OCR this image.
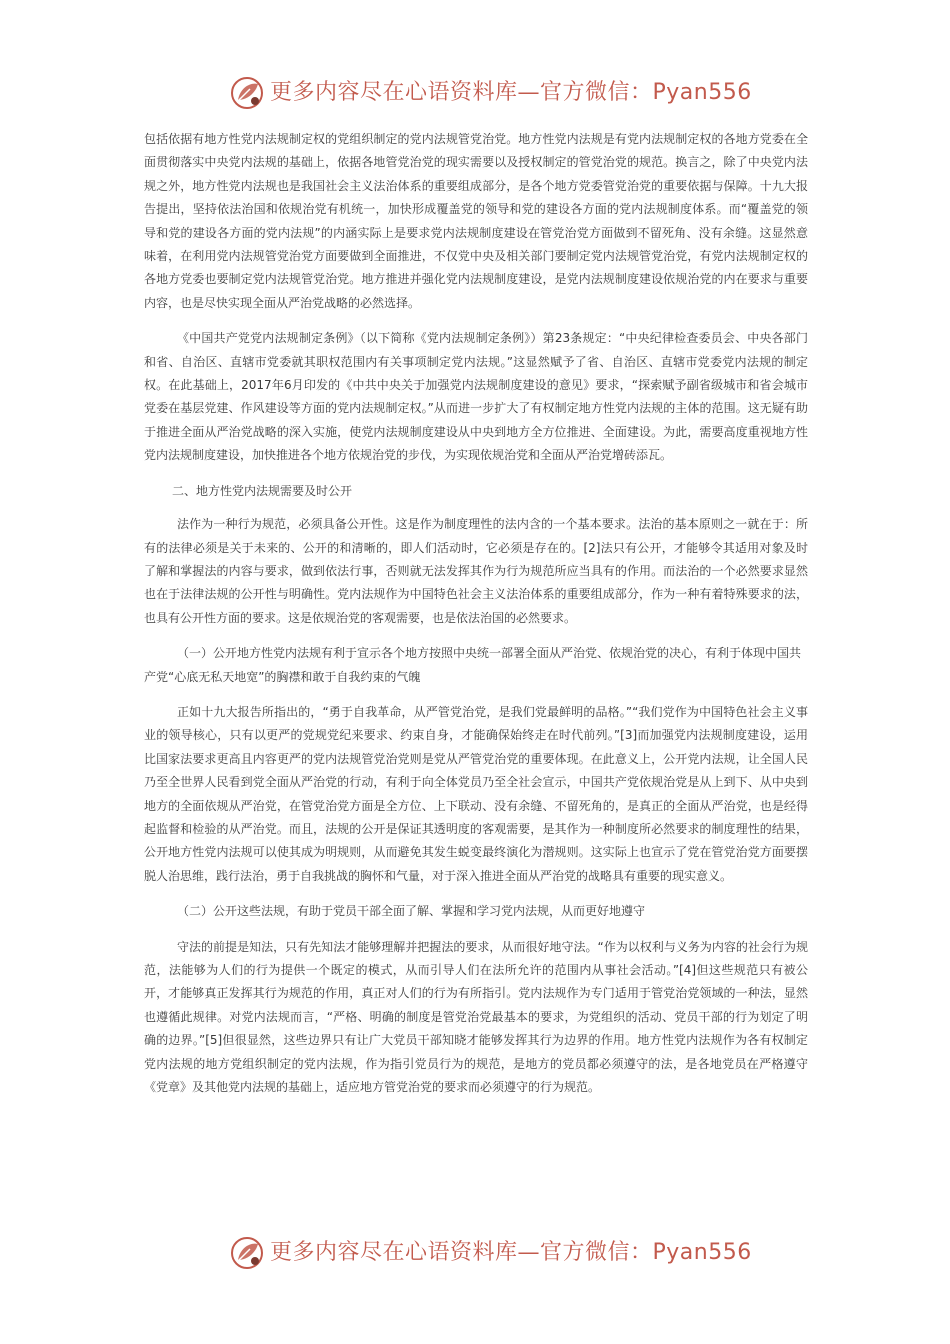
更多内容尽在心语资料库—官方微信：Pyan556

包括依据有地方性党内法规制定权的党组织制定的党内法规管党治党。地方性党内法规是有党内法规制定权的各地方党委在全面贯彻落实中央党内法规的基础上，依据各地管党治党的现实需要以及授权制定的管党治党的规范。换言之，除了中央党内法规之外，地方性党内法规也是我国社会主义法治体系的重要组成部分，是各个地方党委管党治党的重要依据与保障。十九大报告提出，坚持依法治国和依规治党有机统一，加快形成覆盖党的领导和党的建设各方面的党内法规制度体系。而“覆盖党的领导和党的建设各方面的党内法规”的内涵实际上是要求党内法规制度建设在管党治党方面做到不留死角、没有余缝。这显然意味着，在利用党内法规管党治党方面要做到全面推进，不仅党中央及相关部门要制定党内法规管党治党，有党内法规制定权的各地方党委也要制定党内法规管党治党。地方推进并强化党内法规制度建设，是党内法规制度建设依规治党的内在要求与重要内容，也是尽快实现全面从严治党战略的必然选择。

《中国共产党党内法规制定条例》（以下简称《党内法规制定条例》）第23条规定：“中央纪律检查委员会、中央各部门和省、自治区、直辖市党委就其职权范围内有关事项制定党内法规。”这显然赋予了省、自治区、直辖市党委党内法规的制定权。在此基础上，2017年6月印发的《中共中央关于加强党内法规制度建设的意见》要求，“探索赋予副省级城市和省会城市党委在基层党建、作风建设等方面的党内法规制定权。”从而进一步扩大了有权制定地方性党内法规的主体的范围。这无疑有助于推进全面从严治党战略的深入实施，使党内法规制度建设从中央到地方全方位推进、全面建设。为此，需要高度重视地方性党内法规制度建设，加快推进各个地方依规治党的步伐，为实现依规治党和全面从严治党增砖添瓦。

二、地方性党内法规需要及时公开

法作为一种行为规范，必须具备公开性。这是作为制度理性的法内含的一个基本要求。法治的基本原则之一就在于：所有的法律必须是关于未来的、公开的和清晰的，即人们活动时，它必须是存在的。[2]法只有公开，才能够令其适用对象及时了解和掌握法的内容与要求，做到依法行事，否则就无法发挥其作为行为规范所应当具有的作用。而法治的一个必然要求显然也在于法律法规的公开性与明确性。党内法规作为中国特色社会主义法治体系的重要组成部分，作为一种有着特殊要求的法，也具有公开性方面的要求。这是依规治党的客观需要，也是依法治国的必然要求。

（一）公开地方性党内法规有利于宣示各个地方按照中央统一部署全面从严治党、依规治党的决心，有利于体现中国共产党“心底无私天地宽”的胸襟和敢于自我约束的气魄

正如十九大报告所指出的，“勇于自我革命，从严管党治党，是我们党最鲜明的品格。”“我们党作为中国特色社会主义事业的领导核心，只有以更严的党规党纪来要求、约束自身，才能确保始终走在时代前列。”[3]而加强党内法规制度建设，运用比国家法要求更高且内容更严的党内法规管党治党则是党从严管党治党的重要体现。在此意义上，公开党内法规，让全国人民乃至全世界人民看到党全面从严治党的行动，有利于向全体党员乃至全社会宣示，中国共产党依规治党是从上到下、从中央到地方的全面依规从严治党，在管党治党方面是全方位、上下联动、没有余缝、不留死角的，是真正的全面从严治党，也是经得起监督和检验的从严治党。而且，法规的公开是保证其透明度的客观需要，是其作为一种制度所必然要求的制度理性的结果，公开地方性党内法规可以使其成为明规则，从而避免其发生蜕变最终演化为潜规则。这实际上也宣示了党在管党治党方面要摆脱人治思维，践行法治，勇于自我挑战的胸怀和气量，对于深入推进全面从严治党的战略具有重要的现实意义。

（二）公开这些法规，有助于党员干部全面了解、掌握和学习党内法规，从而更好地遵守

守法的前提是知法，只有先知法才能够理解并把握法的要求，从而很好地守法。“作为以权利与义务为内容的社会行为规范，法能够为人们的行为提供一个既定的模式，从而引导人们在法所允许的范围内从事社会活动。”[4]但这些规范只有被公开，才能够真正发挥其行为规范的作用，真正对人们的行为有所指引。党内法规作为专门适用于管党治党领域的一种法，显然也遵循此规律。对党内法规而言，“严格、明确的制度是管党治党最基本的要求，为党组织的活动、党员干部的行为划定了明确的边界。”[5]但很显然，这些边界只有让广大党员干部知晓才能够发挥其行为边界的作用。地方性党内法规作为各有权制定党内法规的地方党组织制定的党内法规，作为指引党员行为的规范，是地方的党员都必须遵守的法，是各地党员在严格遵守《党章》及其他党内法规的基础上，适应地方管党治党的要求而必须遵守的行为规范。

更多内容尽在心语资料库—官方微信：Pyan556
